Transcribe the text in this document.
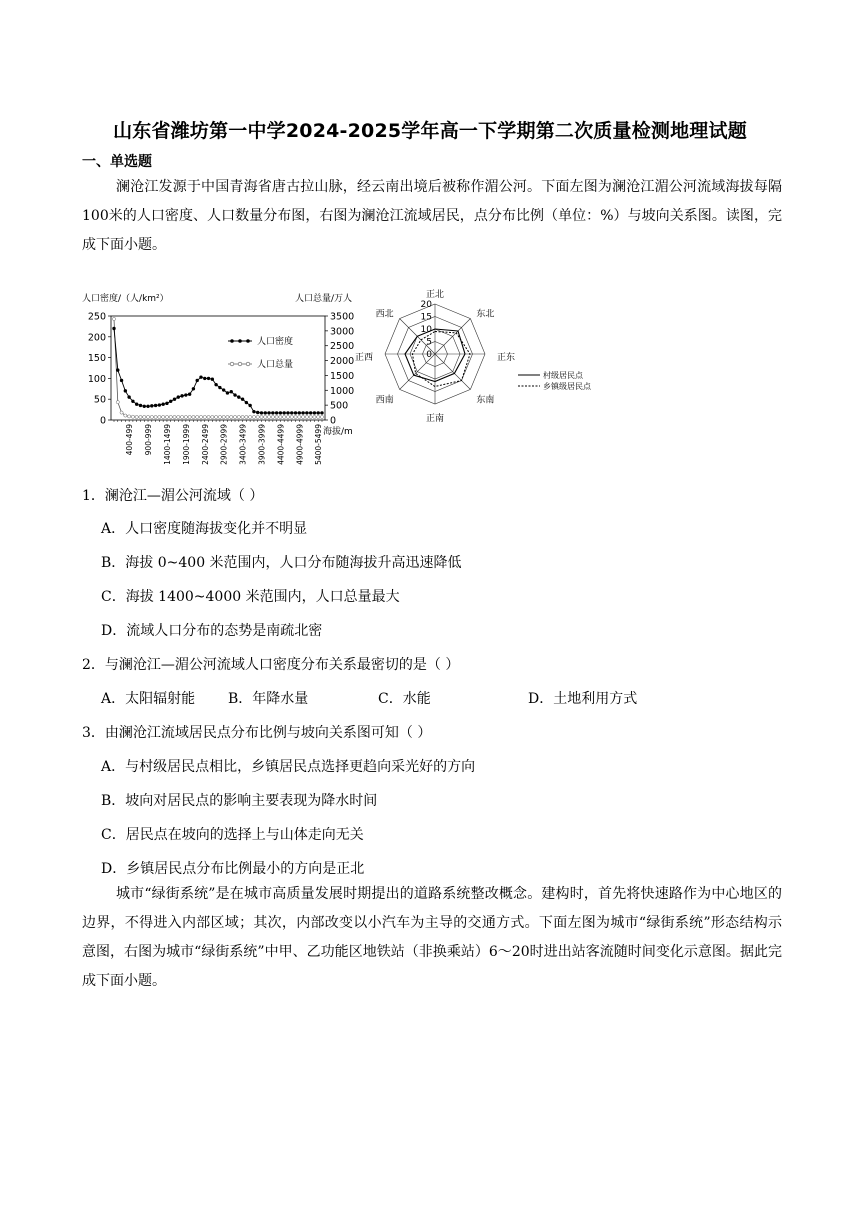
山东省潍坊第一中学2024-2025学年高一下学期第二次质量检测地理试题
一、单选题
澜沧江发源于中国青海省唐古拉山脉，经云南出境后被称作湄公河。下面左图为澜沧江湄公河流域海拔每隔100米的人口密度、人口数量分布图，右图为澜沧江流域居民，点分布比例（单位：%）与坡向关系图。读图，完成下面小题。
人口密度/（人/km²）	人口总量/万人
海拔/m
0
50
100
150
200
250
0
500
1000
1500
2000
2500
3000
3500
400-499 900-999 1400-1499 1900-1999 2400-2499 2900-2999 3400-3499 3900-3999 4400-4499 4900-4999 5400-5499
人口密度
人口总量
0
5
10
15
20
正北
东北
正东
东南
正南
西南
正西
西北
村级居民点
乡镇级居民点
1．澜沧江—湄公河流域（ ）
A．人口密度随海拔变化并不明显
B．海拔 0~400 米范围内，人口分布随海拔升高迅速降低
C．海拔 1400~4000 米范围内，人口总量最大
D．流域人口分布的态势是南疏北密
2．与澜沧江—湄公河流域人口密度分布关系最密切的是（ ）
A．太阳辐射能 B．年降水量	C．水能	D．土地利用方式
3．由澜沧江流域居民点分布比例与坡向关系图可知（ ）
A．与村级居民点相比，乡镇居民点选择更趋向采光好的方向
B．坡向对居民点的影响主要表现为降水时间
C．居民点在坡向的选择上与山体走向无关
D．乡镇居民点分布比例最小的方向是正北
城市“绿街系统”是在城市高质量发展时期提出的道路系统整改概念。建构时，首先将快速路作为中心地区的边界，不得进入内部区域；其次，内部改变以小汽车为主导的交通方式。下面左图为城市“绿街系统”形态结构示意图，右图为城市“绿街系统”中甲、乙功能区地铁站（非换乘站）6～20时进出站客流随时间变化示意图。据此完成下面小题。
